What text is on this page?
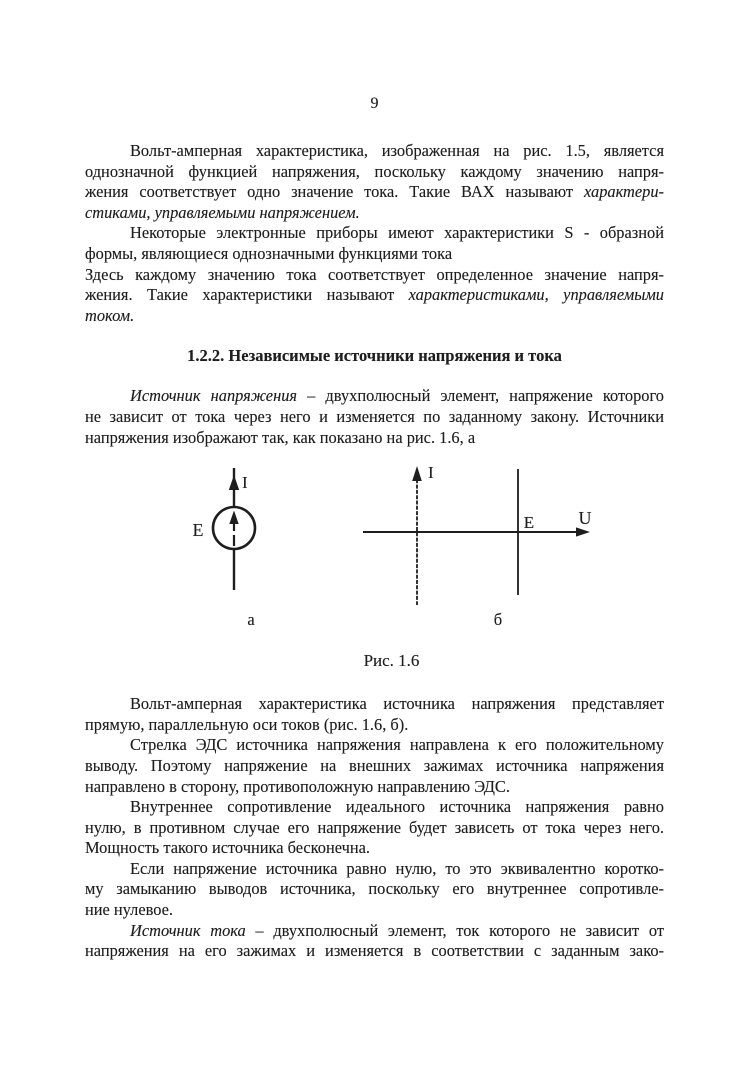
9
Вольт-амперная характеристика, изображенная на рис. 1.5, является
однозначной функцией напряжения, поскольку каждому значению напря-
жения соответствует одно значение тока. Такие ВАХ называют характери-
стиками, управляемыми напряжением.
Некоторые электронные приборы имеют характеристики S - образной
формы, являющиеся однозначными функциями тока
Здесь каждому значению тока соответствует определенное значение напря-
жения. Такие характеристики называют характеристиками, управляемыми
током.
1.2.2. Независимые источники напряжения и тока
Источник напряжения – двухполюсный элемент, напряжение которого
не зависит от тока через него и изменяется по заданному закону. Источники
напряжения изображают так, как показано на рис. 1.6, а
E
I
а
I
U
E
б
Рис. 1.6
Вольт-амперная характеристика источника напряжения представляет
прямую, параллельную оси токов (рис. 1.6, б).
Стрелка ЭДС источника напряжения направлена к его положительному
выводу. Поэтому напряжение на внешних зажимах источника напряжения
направлено в сторону, противоположную направлению ЭДС.
Внутреннее сопротивление идеального источника напряжения равно
нулю, в противном случае его напряжение будет зависеть от тока через него.
Мощность такого источника бесконечна.
Если напряжение источника равно нулю, то это эквивалентно коротко-
му замыканию выводов источника, поскольку его внутреннее сопротивле-
ние нулевое.
Источник тока – двухполюсный элемент, ток которого не зависит от
напряжения на его зажимах и изменяется в соответствии с заданным зако-
